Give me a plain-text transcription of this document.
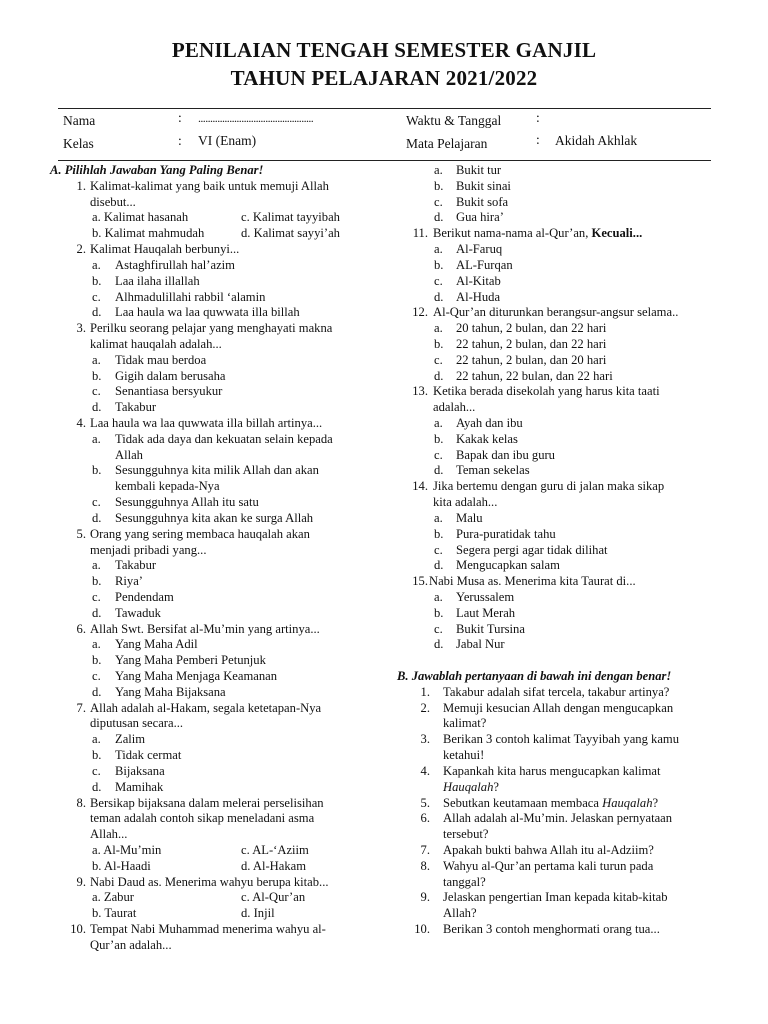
PENILAIAN TENGAH SEMESTER GANJIL
TAHUN PELAJARAN 2021/2022
Nama	: ................................................
Kelas	: VI (Enam)
Waktu & Tanggal	:
Mata Pelajaran	: Akidah Akhlak
A. Pilihlah Jawaban Yang Paling Benar!
1. Kalimat-kalimat yang baik untuk memuji Allah
disebut...
a. Kalimat hasanah	c. Kalimat tayyibah
b. Kalimat mahmudah	d. Kalimat sayyi’ah
2. Kalimat Hauqalah berbunyi...
a. Astaghfirullah hal’azim
b. Laa ilaha illallah
c. Alhmadulillahi rabbil ‘alamin
d. Laa haula wa laa quwwata illa billah
3. Perilku seorang pelajar yang menghayati makna
kalimat hauqalah adalah...
a. Tidak mau berdoa
b. Gigih dalam berusaha
c. Senantiasa bersyukur
d. Takabur
4. Laa haula wa laa quwwata illa billah artinya...
a. Tidak ada daya dan kekuatan selain kepada
Allah
b. Sesungguhnya kita milik Allah dan akan
kembali kepada-Nya
c. Sesungguhnya Allah itu satu
d. Sesungguhnya kita akan ke surga Allah
5. Orang yang sering membaca hauqalah akan
menjadi pribadi yang...
a. Takabur
b. Riya’
c. Pendendam
d. Tawaduk
6. Allah Swt. Bersifat al-Mu’min yang artinya...
a. Yang Maha Adil
b. Yang Maha Pemberi Petunjuk
c. Yang Maha Menjaga Keamanan
d. Yang Maha Bijaksana
7. Allah adalah al-Hakam, segala ketetapan-Nya
diputusan secara...
a. Zalim
b. Tidak cermat
c. Bijaksana
d. Mamihak
8. Bersikap bijaksana dalam melerai perselisihan
teman adalah contoh sikap meneladani asma
Allah...
a. Al-Mu’min	c. AL-‘Aziim
b. Al-Haadi	d. Al-Hakam
9. Nabi Daud as. Menerima wahyu berupa kitab...
a. Zabur	c. Al-Qur’an
b. Taurat	d. Injil
10. Tempat Nabi Muhammad menerima wahyu al-
Qur’an adalah...
a. Bukit tur
b. Bukit sinai
c. Bukit sofa
d. Gua hira’
11. Berikut nama-nama al-Qur’an, Kecuali...
a. Al-Faruq
b. AL-Furqan
c. Al-Kitab
d. Al-Huda
12. Al-Qur’an diturunkan berangsur-angsur selama..
a. 20 tahun, 2 bulan, dan 22 hari
b. 22 tahun, 2 bulan, dan 22 hari
c. 22 tahun, 2 bulan, dan 20 hari
d. 22 tahun, 22 bulan, dan 22 hari
13. Ketika berada disekolah yang harus kita taati
adalah...
a. Ayah dan ibu
b. Kakak kelas
c. Bapak dan ibu guru
d. Teman sekelas
14. Jika bertemu dengan guru di jalan maka sikap
kita adalah...
a. Malu
b. Pura-puratidak tahu
c. Segera pergi agar tidak dilihat
d. Mengucapkan salam
15. Nabi Musa as. Menerima kita Taurat di...
a. Yerussalem
b. Laut Merah
c. Bukit Tursina
d. Jabal Nur
B. Jawablah pertanyaan di bawah ini dengan benar!
1. Takabur adalah sifat tercela, takabur artinya?
2. Memuji kesucian Allah dengan mengucapkan
kalimat?
3. Berikan 3 contoh kalimat Tayyibah yang kamu
ketahui!
4. Kapankah kita harus mengucapkan kalimat
Hauqalah?
5. Sebutkan keutamaan membaca Hauqalah?
6. Allah adalah al-Mu’min. Jelaskan pernyataan
tersebut?
7. Apakah bukti bahwa Allah itu al-Adziim?
8. Wahyu al-Qur’an pertama kali turun pada
tanggal?
9. Jelaskan pengertian Iman kepada kitab-kitab
Allah?
10. Berikan 3 contoh menghormati orang tua...
